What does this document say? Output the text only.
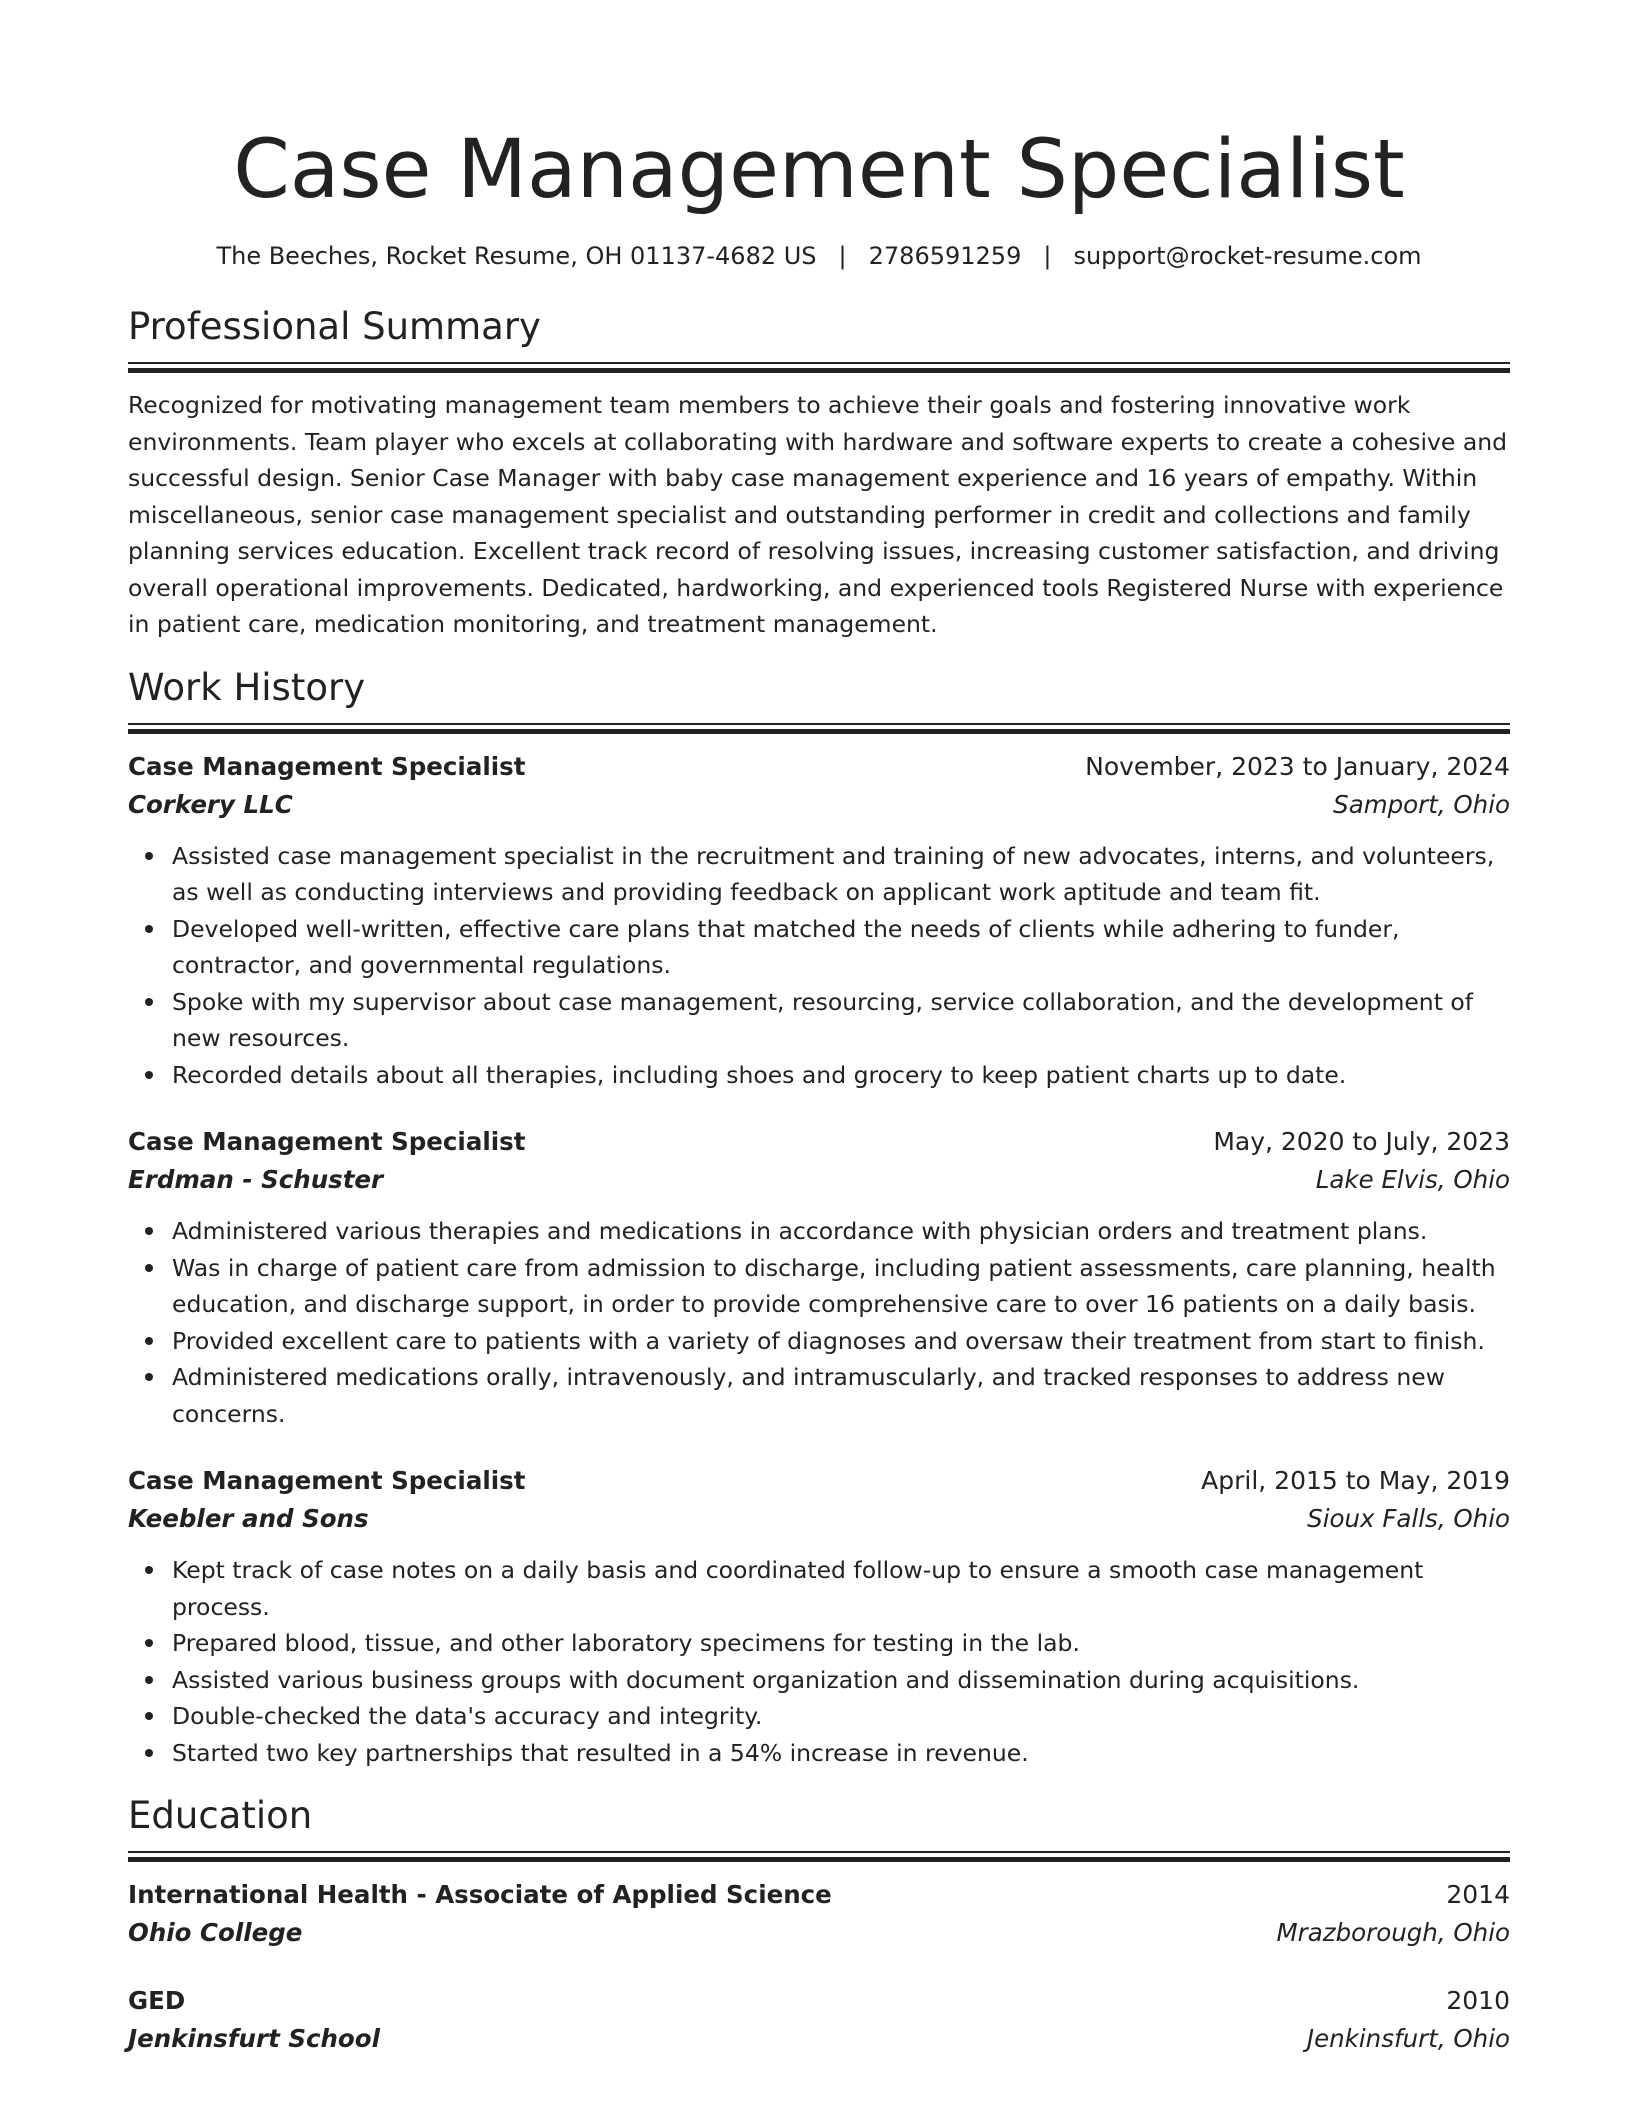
Case Management Specialist
The Beeches, Rocket Resume, OH 01137-4682 US | 2786591259 | support@rocket-resume.com
Professional Summary

Recognized for motivating management team members to achieve their goals and fostering innovative work environments. Team player who excels at collaborating with hardware and software experts to create a cohesive and successful design. Senior Case Manager with baby case management experience and 16 years of empathy. Within miscellaneous, senior case management specialist and outstanding performer in credit and collections and family planning services education. Excellent track record of resolving issues, increasing customer satisfaction, and driving overall operational improvements. Dedicated, hardworking, and experienced tools Registered Nurse with experience in patient care, medication monitoring, and treatment management.

Work History
Case Management Specialist	November, 2023 to January, 2024
Corkery LLC	Samport, Ohio
Assisted case management specialist in the recruitment and training of new advocates, interns, and volunteers, as well as conducting interviews and providing feedback on applicant work aptitude and team fit.
Developed well-written, effective care plans that matched the needs of clients while adhering to funder, contractor, and governmental regulations.
Spoke with my supervisor about case management, resourcing, service collaboration, and the development of new resources.
Recorded details about all therapies, including shoes and grocery to keep patient charts up to date.
Case Management Specialist	May, 2020 to July, 2023
Erdman - Schuster	Lake Elvis, Ohio
Administered various therapies and medications in accordance with physician orders and treatment plans.
Was in charge of patient care from admission to discharge, including patient assessments, care planning, health education, and discharge support, in order to provide comprehensive care to over 16 patients on a daily basis.
Provided excellent care to patients with a variety of diagnoses and oversaw their treatment from start to finish.
Administered medications orally, intravenously, and intramuscularly, and tracked responses to address new concerns.
Case Management Specialist	April, 2015 to May, 2019
Keebler and Sons	Sioux Falls, Ohio
Kept track of case notes on a daily basis and coordinated follow-up to ensure a smooth case management process.
Prepared blood, tissue, and other laboratory specimens for testing in the lab.
Assisted various business groups with document organization and dissemination during acquisitions.
Double-checked the data's accuracy and integrity.
Started two key partnerships that resulted in a 54% increase in revenue.
Education
International Health - Associate of Applied Science	2014
Ohio College	Mrazborough, Ohio
GED	2010
Jenkinsfurt School	Jenkinsfurt, Ohio
